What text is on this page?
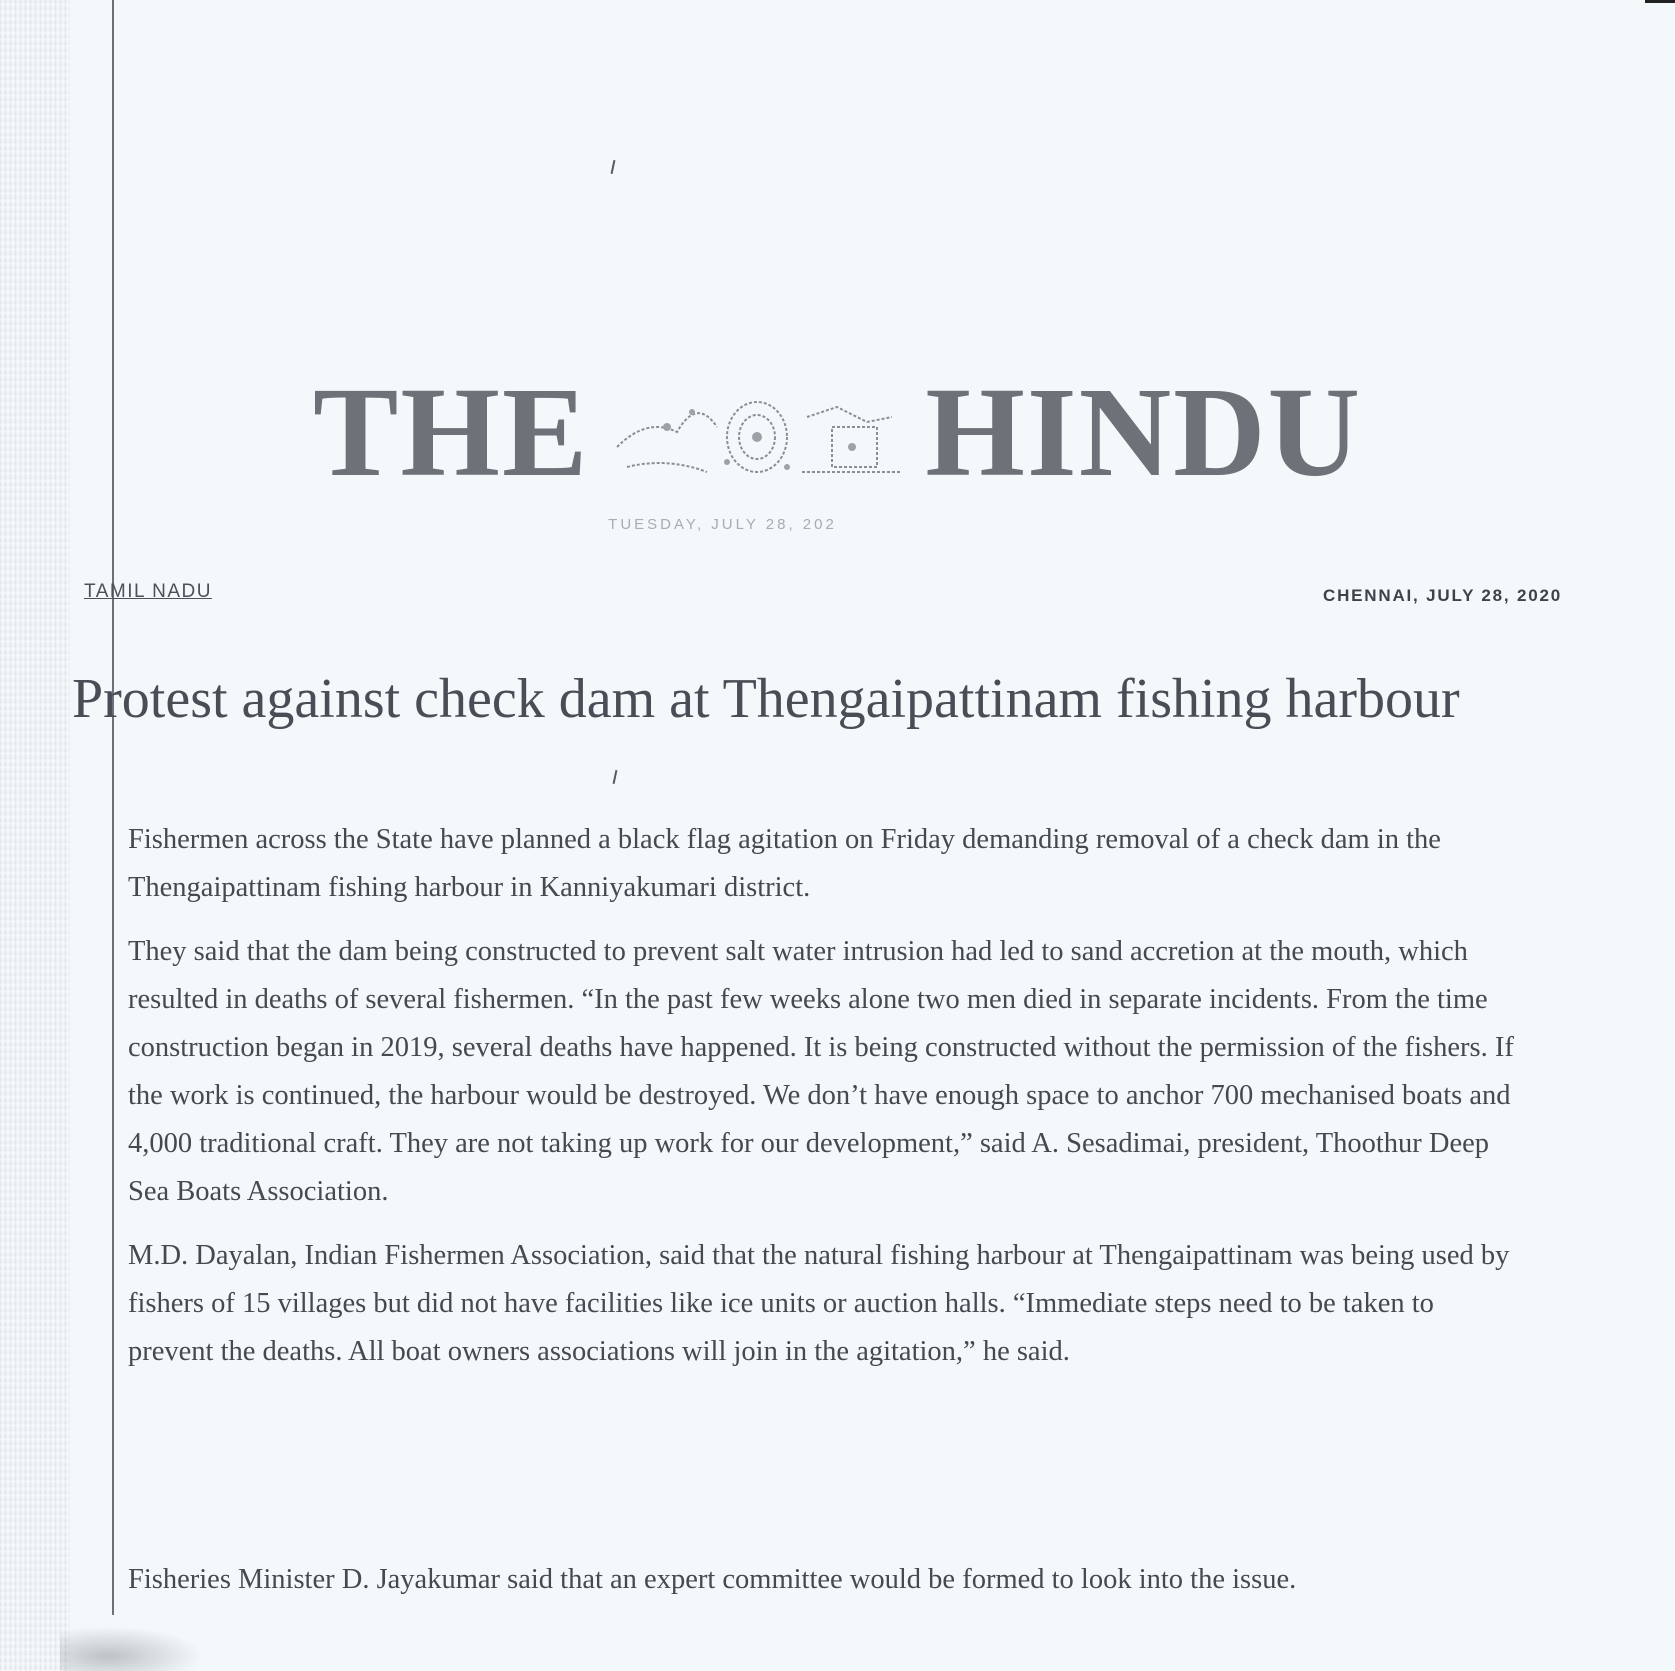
THE	HINDU
TUESDAY, JULY 28, 202
TAMIL NADU	CHENNAI, JULY 28, 2020
Protest against check dam at Thengaipattinam fishing harbour

Fishermen across the State have planned a black flag agitation on Friday demanding removal of a check dam in the Thengaipattinam fishing harbour in Kanniyakumari district.

They said that the dam being constructed to prevent salt water intrusion had led to sand accretion at the mouth, which resulted in deaths of several fishermen. “In the past few weeks alone two men died in separate incidents. From the time construction began in 2019, several deaths have happened. It is being constructed without the permission of the fishers. If the work is continued, the harbour would be destroyed. We don’t have enough space to anchor 700 mechanised boats and 4,000 traditional craft. They are not taking up work for our development,” said A. Sesadimai, president, Thoothur Deep Sea Boats Association.

M.D. Dayalan, Indian Fishermen Association, said that the natural fishing harbour at Thengaipattinam was being used by fishers of 15 villages but did not have facilities like ice units or auction halls. “Immediate steps need to be taken to prevent the deaths. All boat owners associations will join in the agitation,” he said.

Fisheries Minister D. Jayakumar said that an expert committee would be formed to look into the issue.
